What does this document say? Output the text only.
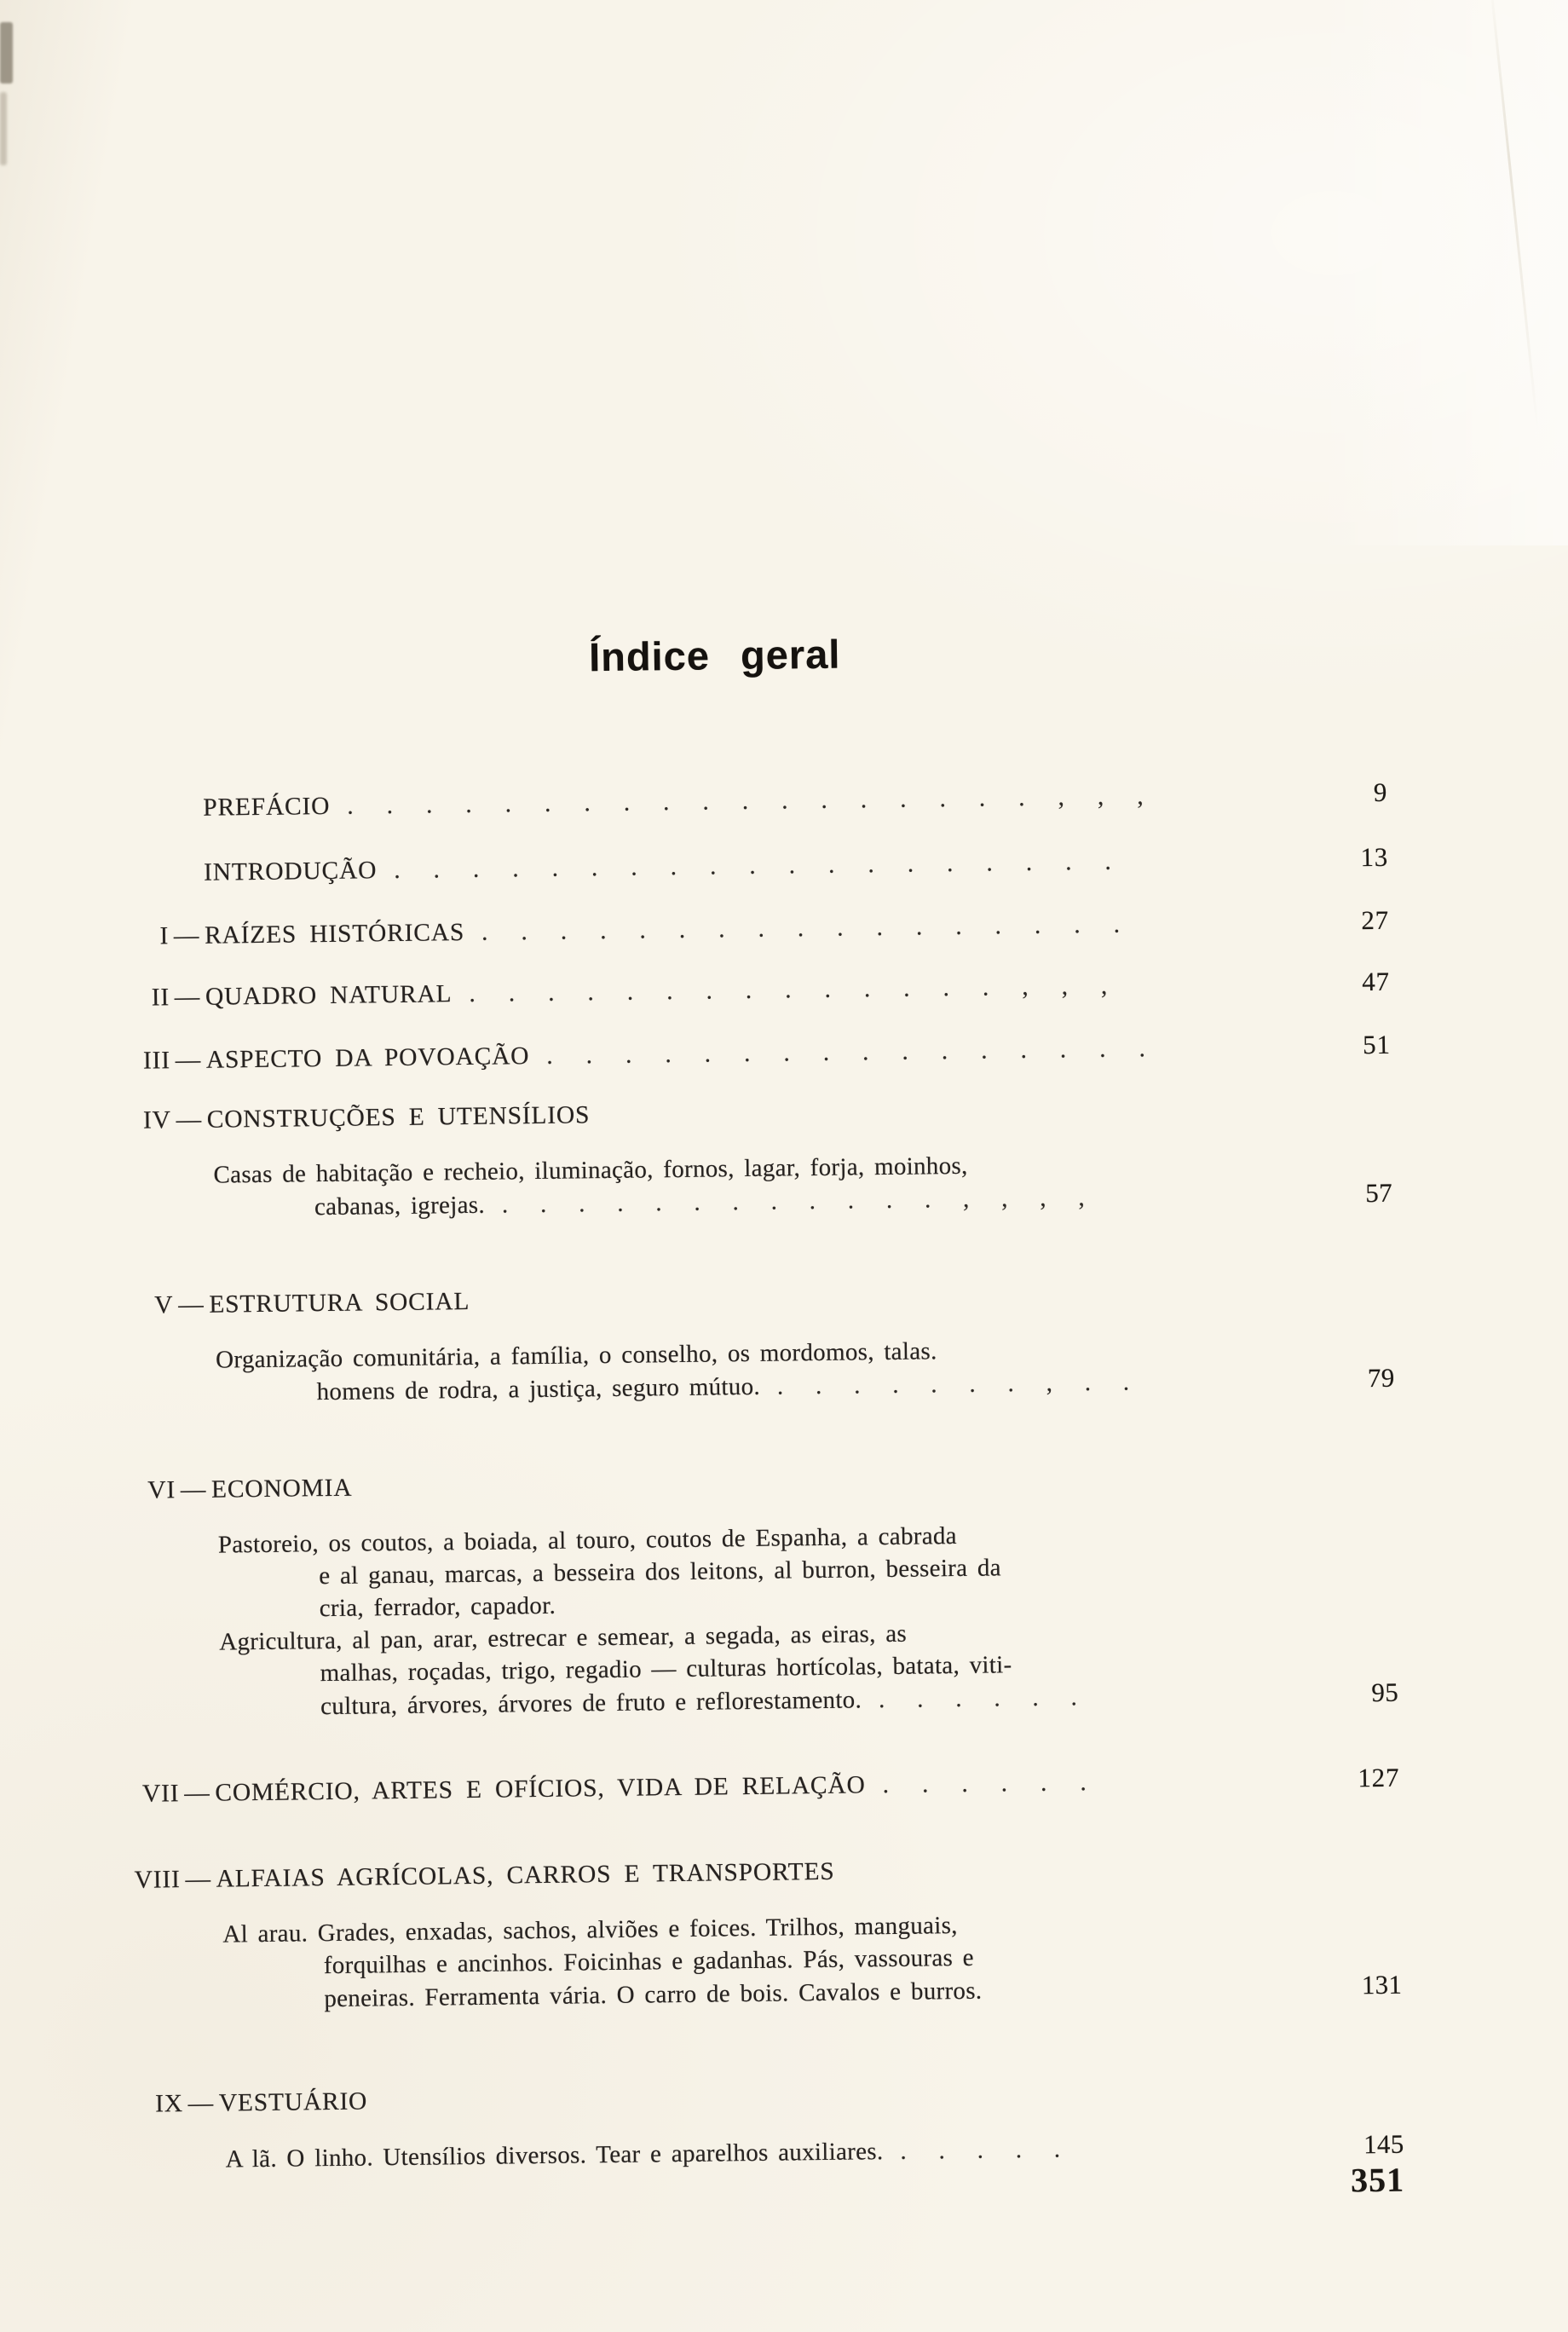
Índice geral
351
PREFÁCIO . . . . . . . . . . . . . . . . . . , , ,	9
INTRODUÇÃO . . . . . . . . . . . . . . . . . . .	13
I — RAÍZES HISTÓRICAS . . . . . . . . . . . . . . . . .	27
II — QUADRO NATURAL . . . . . . . . . . . . . . , , ,	47
III — ASPECTO DA POVOAÇÃO . . . . . . . . . . . . . . . .	51
IV — CONSTRUÇÕES E UTENSÍLIOS
Casas de habitação e recheio, iluminação, fornos, lagar, forja, moinhos,
cabanas, igrejas. . . . . . . . . . . . . , , , ,	57
V — ESTRUTURA SOCIAL
Organização comunitária, a família, o conselho, os mordomos, talas.
homens de rodra, a justiça, seguro mútuo. . . . . . . . , . .	79
VI — ECONOMIA
Pastoreio, os coutos, a boiada, al touro, coutos de Espanha, a cabrada
e al ganau, marcas, a besseira dos leitons, al burron, besseira da
cria, ferrador, capador.
Agricultura, al pan, arar, estrecar e semear, a segada, as eiras, as
malhas, roçadas, trigo, regadio — culturas hortícolas, batata, viti-
cultura, árvores, árvores de fruto e reflorestamento. . . . . . .	95
VII — COMÉRCIO, ARTES E OFÍCIOS, VIDA DE RELAÇÃO . . . . . .	127
VIII — ALFAIAS AGRÍCOLAS, CARROS E TRANSPORTES
Al arau. Grades, enxadas, sachos, alviões e foices. Trilhos, manguais,
forquilhas e ancinhos. Foicinhas e gadanhas. Pás, vassouras e
peneiras. Ferramenta vária. O carro de bois. Cavalos e burros.	131
IX — VESTUÁRIO
A lã. O linho. Utensílios diversos. Tear e aparelhos auxiliares. . . . . .	145
